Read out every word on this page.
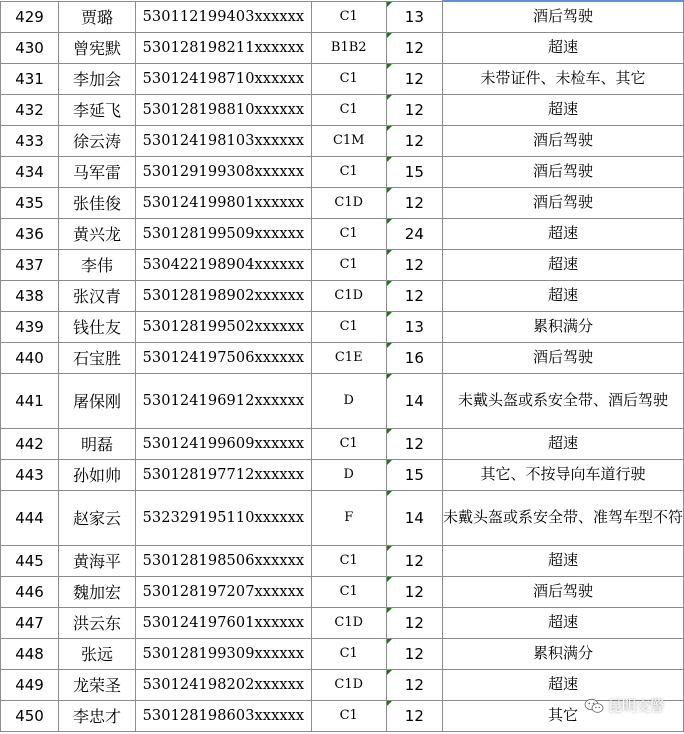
429	贾璐	530112199403xxxxxx	C1	13	酒后驾驶
430	曾宪默	530128198211xxxxxx	B1B2	12	超速
431	李加会	530124198710xxxxxx	C1	12	未带证件、未检车、其它
432	李延飞	530128198810xxxxxx	C1	12	超速
433	徐云涛	530124198103xxxxxx	C1M	12	酒后驾驶
434	马军雷	530129199308xxxxxx	C1	15	酒后驾驶
435	张佳俊	530124199801xxxxxx	C1D	12	酒后驾驶
436	黄兴龙	530128199509xxxxxx	C1	24	超速
437	李伟	530422198904xxxxxx	C1	12	超速
438	张汉青	530128198902xxxxxx	C1D	12	超速
439	钱仕友	530128199502xxxxxx	C1	13	累积满分
440	石宝胜	530124197506xxxxxx	C1E	16	酒后驾驶
441	屠保刚	530124196912xxxxxx	D	14	未戴头盔或系安全带、酒后驾驶
442	明磊	530124199609xxxxxx	C1	12	超速
443	孙如帅	530128197712xxxxxx	D	15	其它、不按导向车道行驶
444	赵家云	532329195110xxxxxx	F	14	未戴头盔或系安全带、准驾车型不符
445	黄海平	530128198506xxxxxx	C1	12	超速
446	魏加宏	530128197207xxxxxx	C1	12	酒后驾驶
447	洪云东	530124197601xxxxxx	C1D	12	超速
448	张远	530128199309xxxxxx	C1	12	累积满分
449	龙荣圣	530124198202xxxxxx	C1D	12	超速
450	李忠才	530128198603xxxxxx	C1	12	其它 昆明交警
